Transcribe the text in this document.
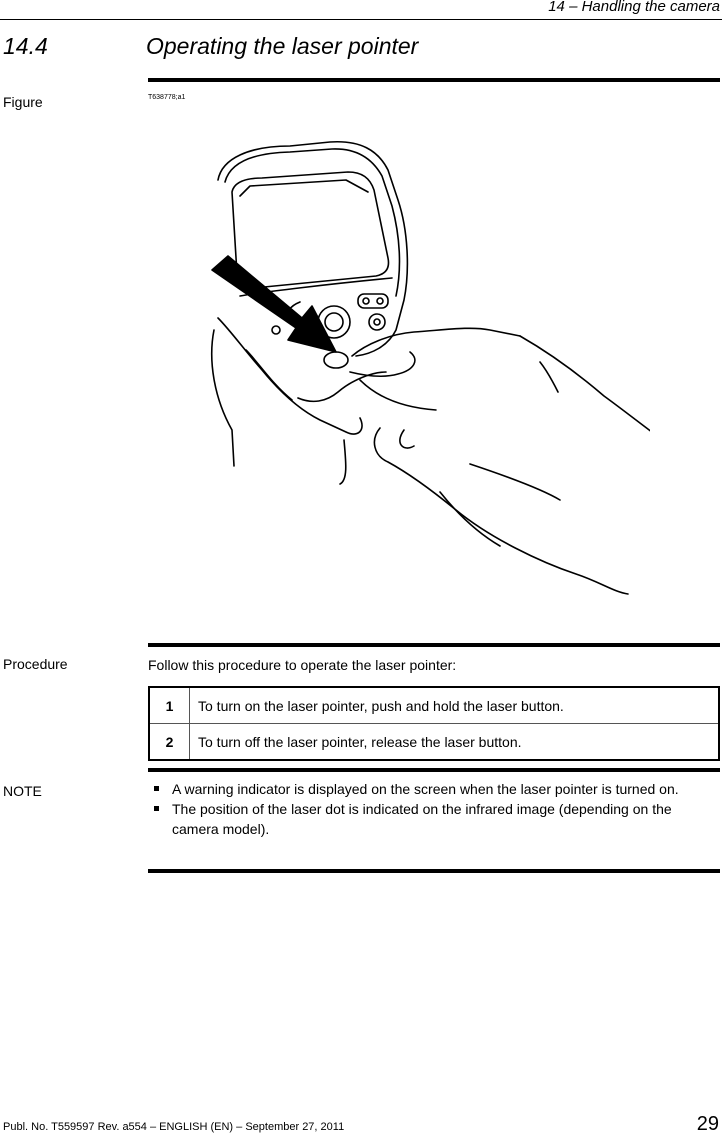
14 – Handling the camera
14.4	Operating the laser pointer
Figure	T638778;a1
Procedure	Follow this procedure to operate the laser pointer:
1	To turn on the laser pointer, push and hold the laser button.
2	To turn off the laser pointer, release the laser button.
NOTE	A warning indicator is displayed on the screen when the laser pointer is turned on.
The position of the laser dot is indicated on the infrared image (depending on the camera model).
Publ. No. T559597 Rev. a554 – ENGLISH (EN) – September 27, 2011	29
